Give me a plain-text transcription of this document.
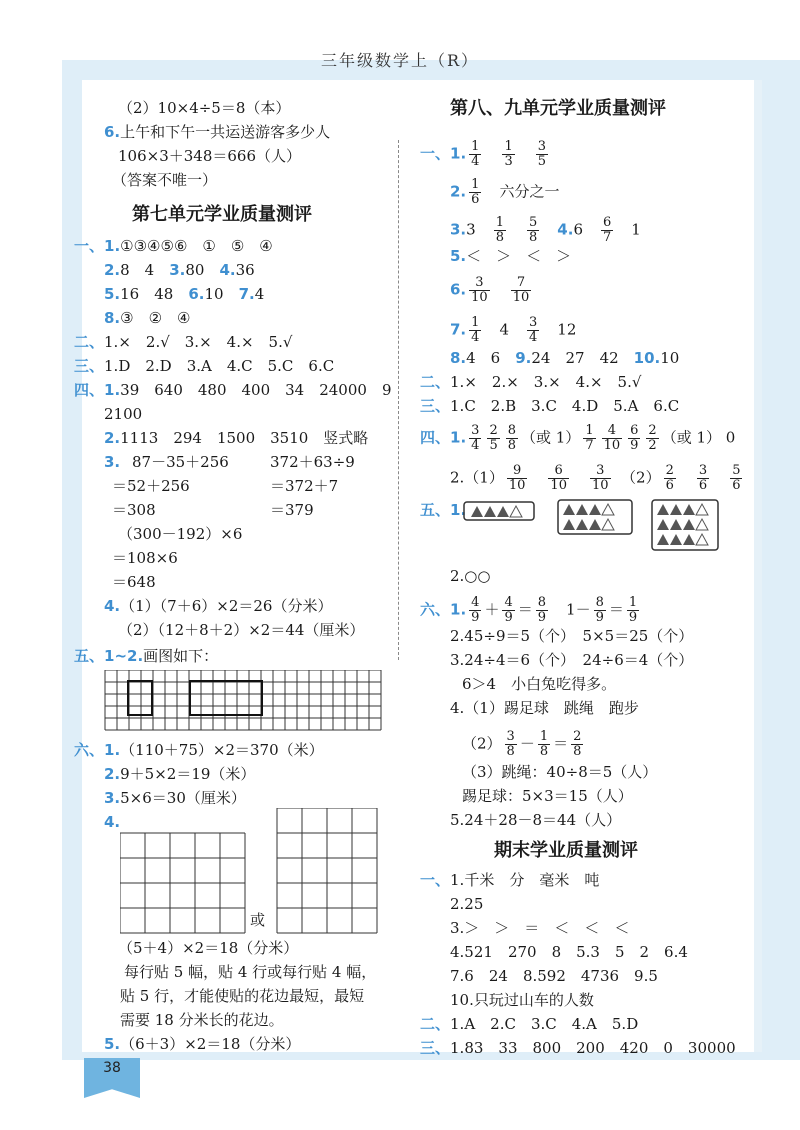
三年级数学上（R）
（2）10×4÷5＝8（本）
6.上午和下午一共运送游客多少人
106×3＋348＝666（人）
（答案不唯一）
第七单元学业质量测评
一、1.①③④⑤⑥　①　⑤　④
2.8　4　 3.80　 4.36
5.16　48　 6.10　 7.4
8.③　②　④
二、1.×　2.√　3.×　4.×　5.√
三、1.D　2.D　3.A　4.C　5.C　6.C
四、1.39　640　480　400　34　24000　9
2100
2.1113　294　1500　3510　竖式略
3. 87－35＋256	372＋63÷9
＝52＋256	＝372＋7
＝308	＝379
（300－192）×6
＝108×6
＝648
4.（1）（7＋6）×2＝26（分米）
（2）（12＋8＋2）×2＝44（厘米）
五、1~2.画图如下：
六、1.（110＋75）×2＝370（米）
2.9＋5×2＝19（米）
3.5×6＝30（厘米）
4.
或
（5＋4）×2＝18（分米）
每行贴 5 幅，贴 4 行或每行贴 4 幅，
贴 5 行，才能使贴的花边最短，最短
需要 18 分米长的花边。
5.（6＋3）×2＝18（分米）
第八、九单元学业质量测评
一、1. $\frac{1}{4}$
　 $\frac{1}{3}$
　 $\frac{3}{5}$
2. $\frac{1}{6}$
　 六分之一
3.3　 $\frac{1}{8}$
　 $\frac{5}{8}$
　 4.6　 $\frac{6}{7}$
　 1
5.＜　＞　＜　＞
6. $\frac{3}{10}$
　 $\frac{7}{10}$
7. $\frac{1}{4}$
　 4　 $\frac{3}{4}$
　 12
8.4　6　 9.24　27　42　 10.10
二、1.×　2.×　3.×　4.×　5.√
三、1.C　2.B　3.C　4.D　5.A　6.C
四、1. $\frac{3}{4} \frac{2}{5} \frac{8}{8}$ （或 $1) \frac{1}{7} \frac{4}{10} \frac{6}{9} \frac{2}{2}$ （或 1） 0
$2.(1) \frac{9}{10}$
　 $\frac{6}{10}$
　 $\frac{3}{10}$
　 $(2) \frac{2}{6}$
　 $\frac{3}{6}$
　 $\frac{5}{6}$
五、1.
2.○○
六、1. $\frac{4}{9} + \frac{4}{9} = \frac{8}{9}$
　 $1- \frac{8}{9} = \frac{1}{9}$
2.45÷9＝5（个）　5×5＝25（个）
3.24÷4＝6（个）　24÷6＝4（个）
6＞4　小白兔吃得多。
4.（1）踢足球　跳绳　跑步
$(2) \frac{3}{8} - \frac{1}{8} = \frac{2}{8}$
（3）跳绳：40÷8＝5（人）
踢足球：5×3＝15（人）
5.24＋28－8＝44（人）
期末学业质量测评
一、1.千米　分　毫米　吨
2.25
3.＞　＞　＝　＜　＜　＜
4.521　270　8　5.3　5　2　6.4
7.6　24　8.592　4736　9.5
10.只玩过山车的人数
二、1.A　2.C　3.C　4.A　5.D
三、1.83　33　800　200　420　0　30000
38
